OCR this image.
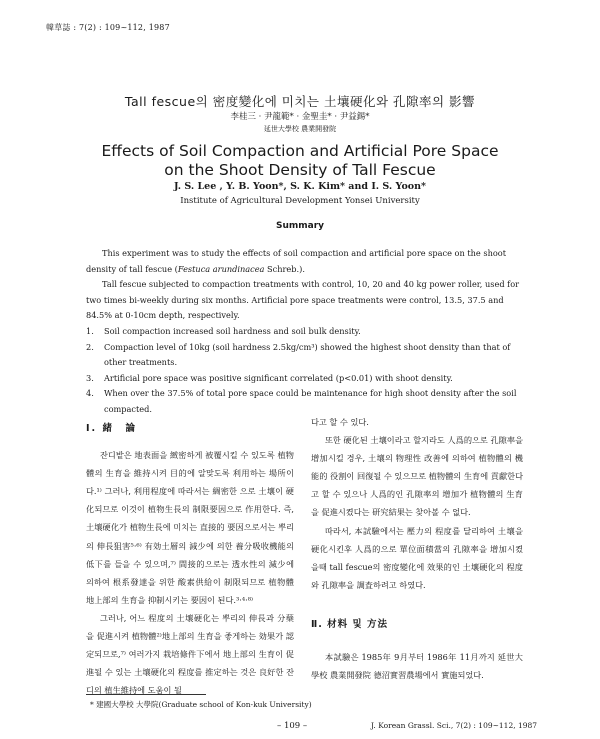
韓草誌 : 7(2) : 109~112, 1987
Tall fescue의 密度變化에 미치는 土壤硬化와 孔隙率의 影響
李桂三 · 尹龍範* · 金聖圭* · 尹益錫*
延世大學校 農業開發院
Effects of Soil Compaction and Artificial Pore Space
on the Shoot Density of Tall Fescue
J. S. Lee , Y. B. Yoon*, S. K. Kim* and I. S. Yoon*
Institute of Agricultural Development Yonsei University
Summary

This experiment was to study the effects of soil compaction and artificial pore space on the shoot density of tall fescue (Festuca arundinacea Schreb.).

Tall fescue subjected to compaction treatments with control, 10, 20 and 40 kg power roller, used for two times bi-weekly during six months. Artificial pore space treatments were control, 13.5, 37.5 and 84.5% at 0-10cm depth, respectively.

1.	Soil compaction increased soil hardness and soil bulk density.
2.	Compaction level of 10kg (soil hardness 2.5kg/cm³) showed the highest shoot density than that of other treatments.
3.	Artificial pore space was positive significant correlated (p<0.01) with shoot density.
4.	When over the 37.5% of total pore space could be maintenance for high shoot density after the soil compacted.
Ⅰ. 緒　論

잔디밭은 地表面을 緻密하게 被覆시킬 수 있도록 植物體의 生育을 維持시켜 目的에 알맞도록 利用하는 場所이다.¹⁾ 그러나, 利用程度에 따라서는 綢密한 으로 土壤이 硬化되므로 이것이 植物生長의 制限要因으로 作用한다. 즉, 土壤硬化가 植物生長에 미치는 直接的 要因으로서는 뿌리의 伸長狙害⁵·⁶⁾ 有効土層의 減少에 의한 養分吸收機能의 低下를 들을 수 있으며,⁷⁾ 間接的으로는 透水性의 減少에 의하여 根系發達을 위한 酸素供給이 制限되므로 植物體 地上部의 生育을 抑制시키는 要因이 된다.³·⁴·⁸⁾

그러나, 어느 程度의 土壤硬化는 뿌리의 伸長과 分蘖을 促進시켜 植物體²⁾地上部의 生育을 좋게하는 効果가 認定되므로,⁷⁾ 여러가지 栽培條件下에서 地上部의 生育이 促進될 수 있는 土壤硬化의 程度를 推定하는 것은 良好한 잔디의 植生維持에 도움이 될

다고 할 수 있다.

또한 硬化된 土壤이라고 할지라도 人爲的으로 孔隙率을 增加시킬 경우, 土壤의 物理性 改善에 의하여 植物體의 機能的 役割이 回復될 수 있으므로 植物體의 生育에 貢獻한다고 할 수 있으나 人爲的인 孔隙率의 增加가 植物體의 生育을 促進시켰다는 研究結果는 찾아볼 수 없다.

따라서, 本試驗에서는 壓力의 程度를 달리하여 土壤을 硬化시킨후 人爲的으로 單位面積當의 孔隙率을 增加시켰을때 tall fescue의 密度變化에 效果的인 土壤硬化의 程度와 孔隙率을 調査하려고 하였다.

Ⅱ. 材料 및 方法

本試驗은 1985年 9月부터 1986年 11月까지 延世大學校 農業開發院 德沼實習農場에서 實施되었다.

* 建國大學校 大學院(Graduate school of Kon-kuk University)
– 109 –	J. Korean Grassl. Sci., 7(2) : 109~112, 1987
